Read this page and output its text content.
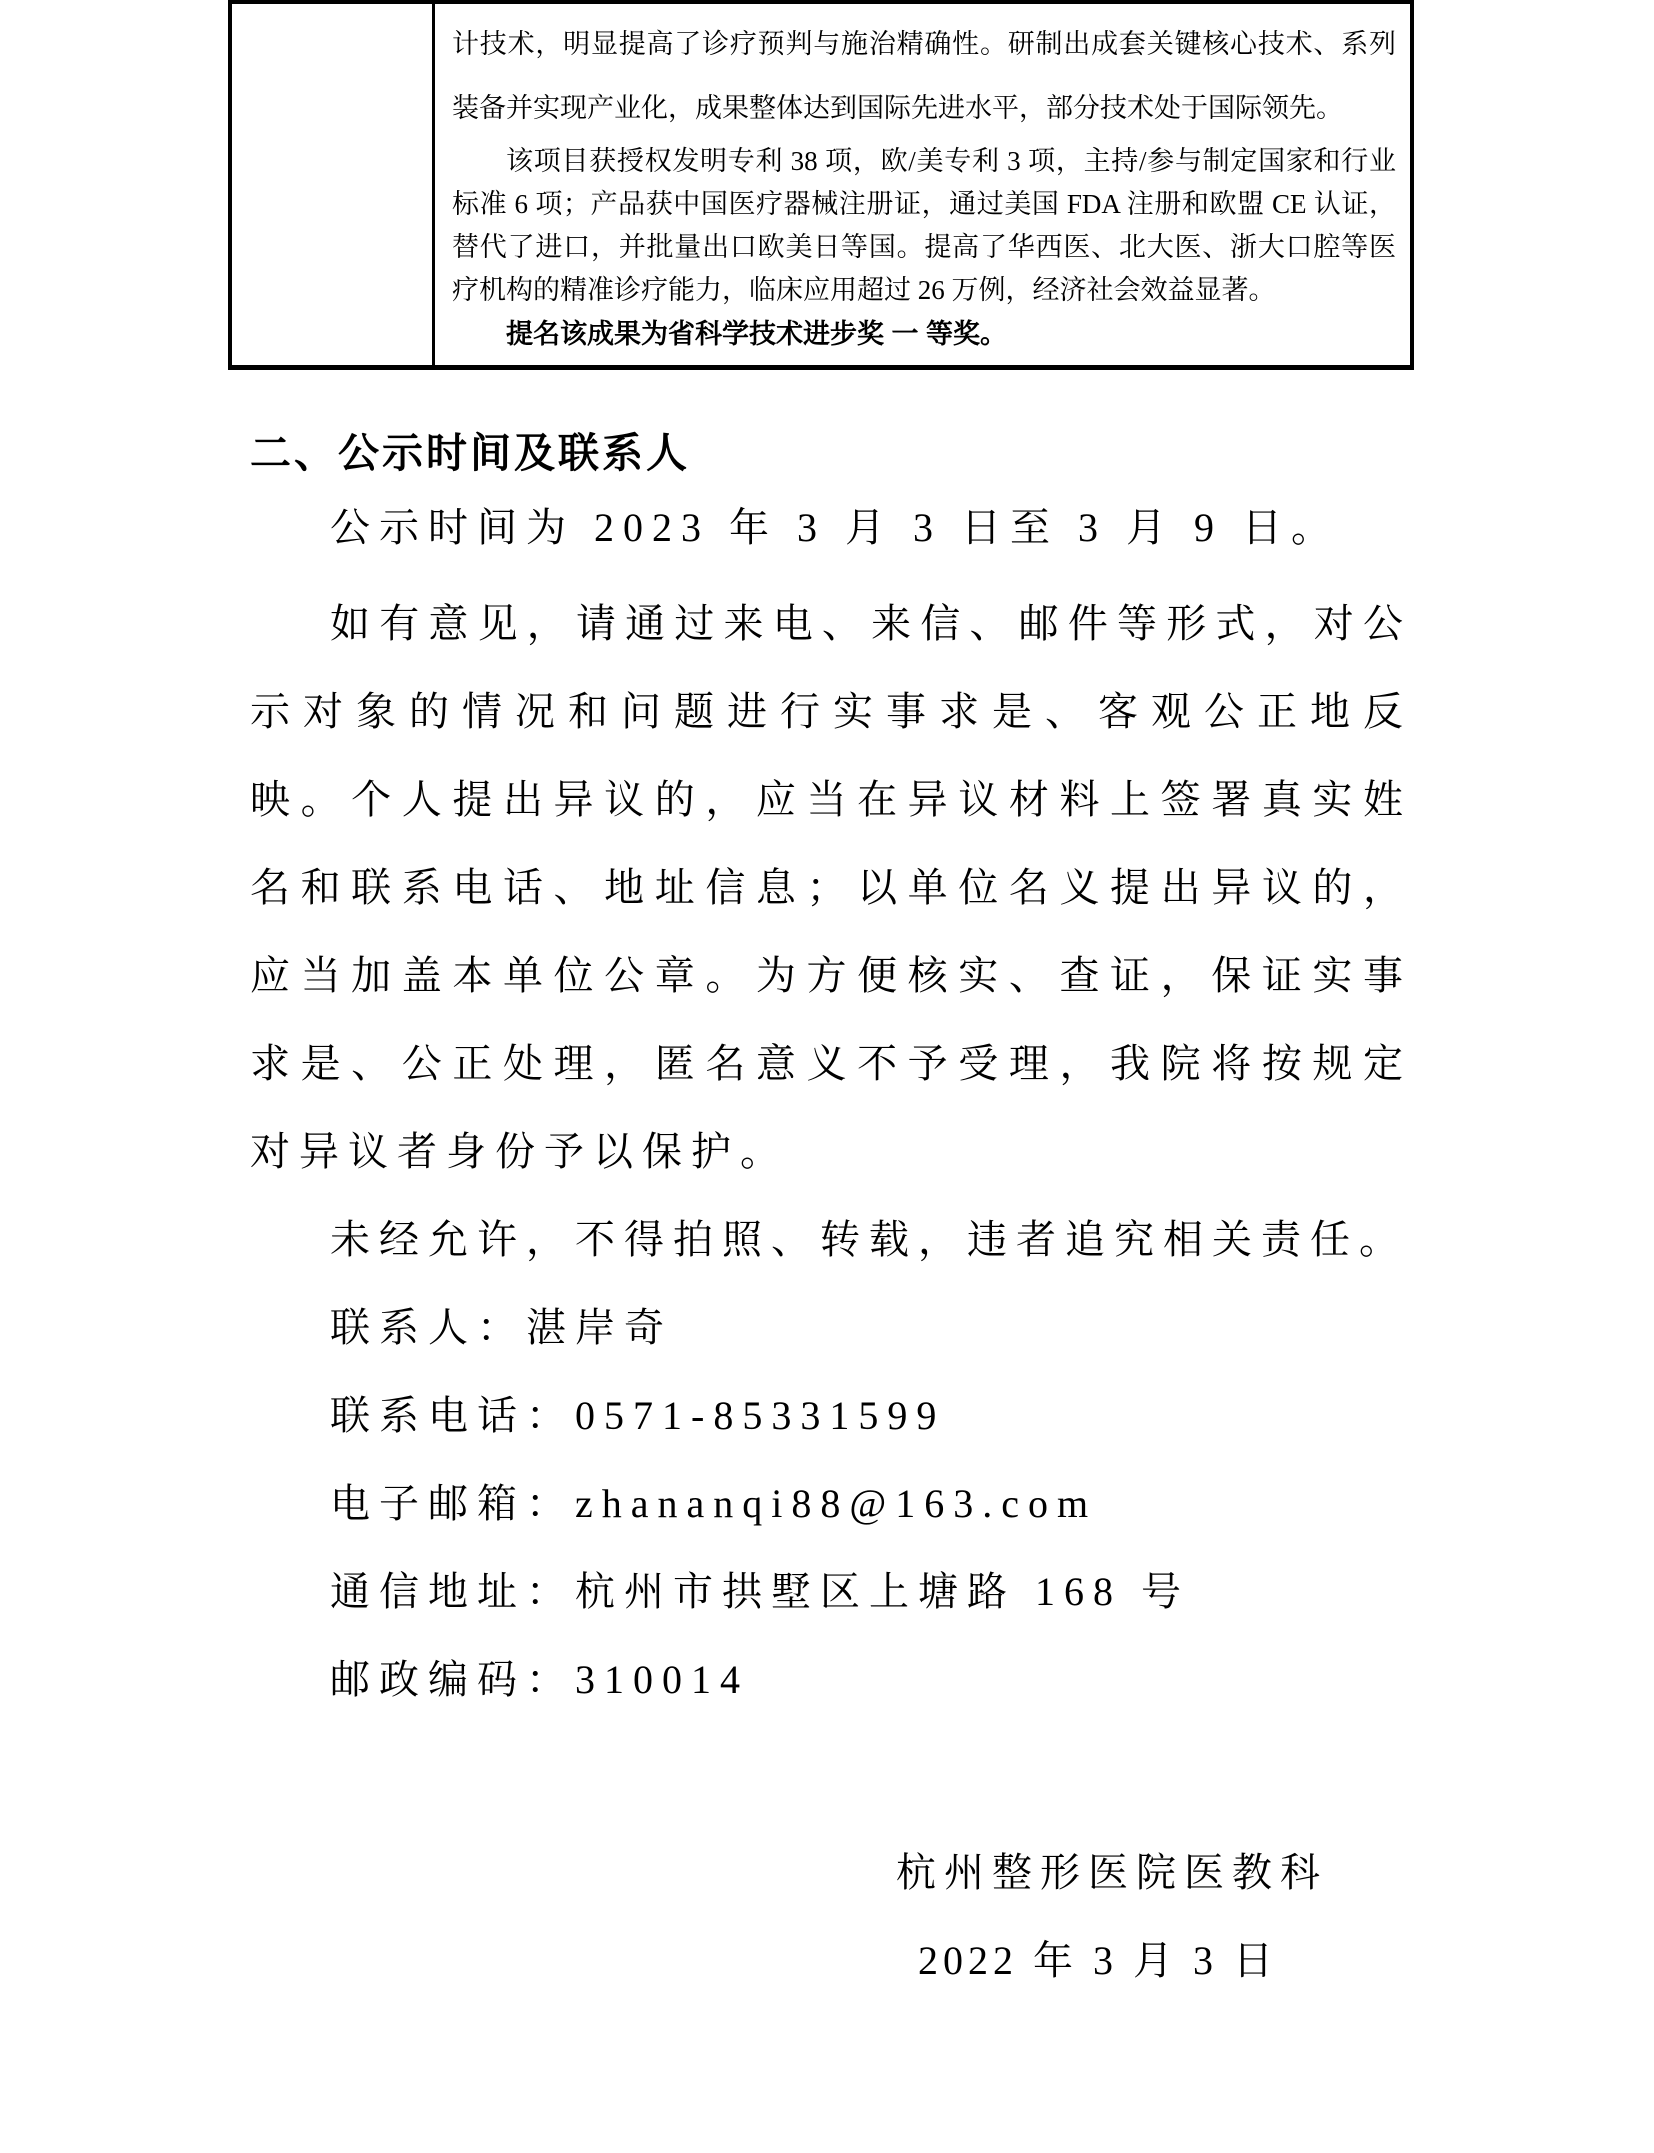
计技术，明显提高了诊疗预判与施治精确性。研制出成套关键核心技术、系列装备并实现产业化，成果整体达到国际先进水平，部分技术处于国际领先。

该项目获授权发明专利 38 项，欧/美专利 3 项，主持/参与制定国家和行业标准 6 项；产品获中国医疗器械注册证，通过美国 FDA 注册和欧盟 CE 认证，替代了进口，并批量出口欧美日等国。提高了华西医、北大医、浙大口腔等医疗机构的精准诊疗能力，临床应用超过 26 万例，经济社会效益显著。

提名该成果为省科学技术进步奖 一 等奖。

二、公示时间及联系人

公示时间为 2023 年 3 月 3 日至 3 月 9 日。

如有意见，请通过来电、来信、邮件等形式，对公示对象的情况和问题进行实事求是、客观公正地反映。个人提出异议的，应当在异议材料上签署真实姓名和联系电话、地址信息；以单位名义提出异议的，应当加盖本单位公章。为方便核实、查证，保证实事求是、公正处理，匿名意义不予受理，我院将按规定对异议者身份予以保护。

未经允许，不得拍照、转载，违者追究相关责任。

联系人：湛岸奇

联系电话：0571-85331599

电子邮箱：zhananqi88@163.com

通信地址：杭州市拱墅区上塘路 168 号

邮政编码：310014

杭州整形医院医教科

2022 年 3 月 3 日
